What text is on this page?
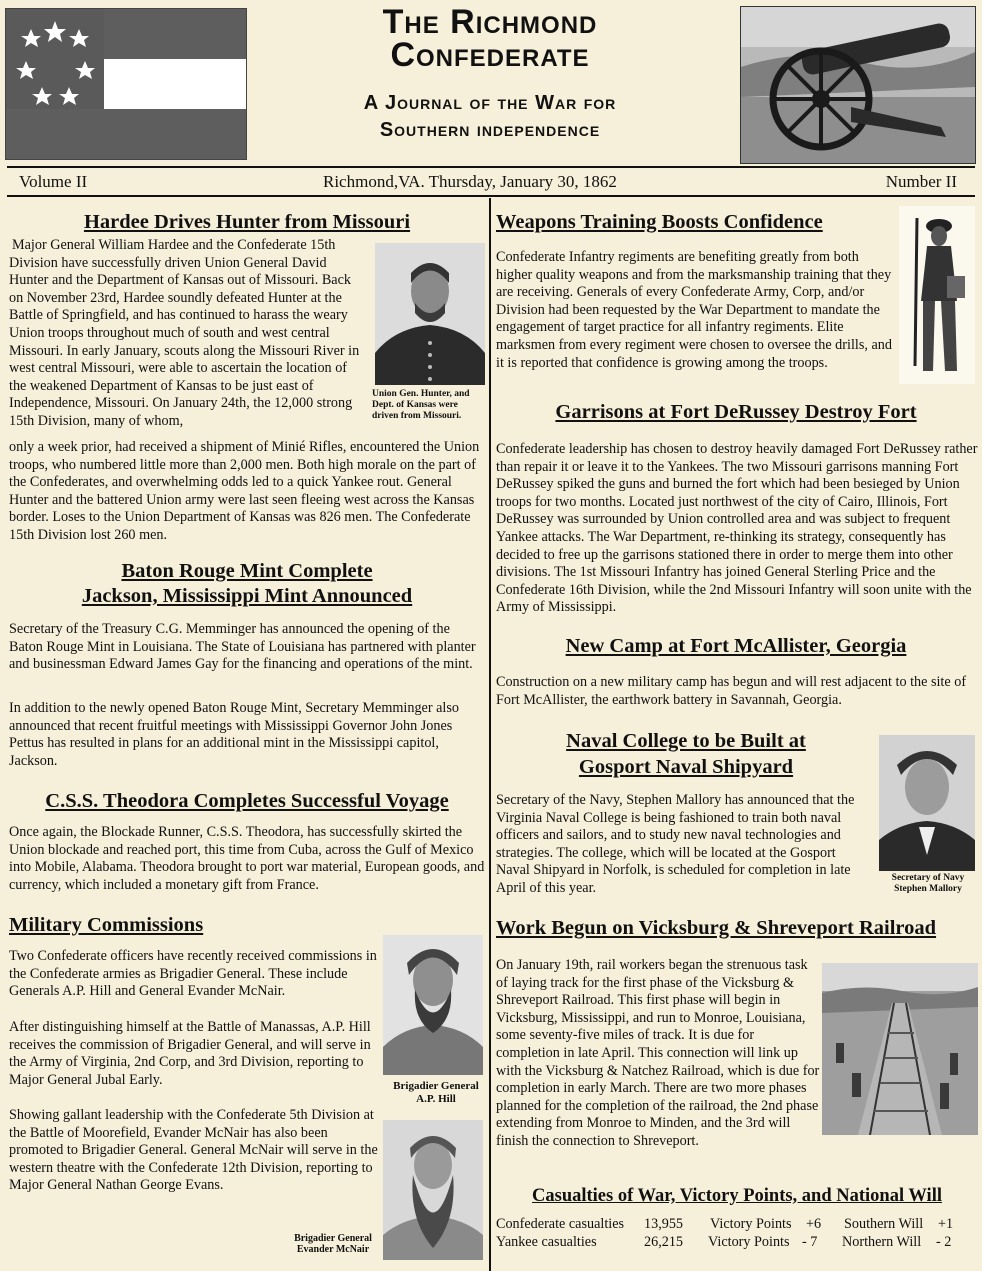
The Richmond
Confederate
A Journal of the War for
Southern independence
Volume II	Richmond,VA. Thursday, January 30, 1862	Number II
Hardee Drives Hunter from Missouri

Major General William Hardee and the Confederate 15th Division have successfully driven Union General David Hunter and the Department of Kansas out of Missouri. Back on November 23rd, Hardee soundly defeated Hunter at the Battle of Springfield, and has continued to harass the weary Union troops throughout much of south and west central Missouri. In early January, scouts along the Missouri River in west central Missouri, were able to ascertain the location of the weakened Department of Kansas to be just east of Independence, Missouri. On January 24th, the 12,000 strong 15th Division, many of whom,

Union Gen. Hunter, and Dept. of Kansas were driven from Missouri.

only a week prior, had received a shipment of Minié Rifles, encountered the Union troops, who numbered little more than 2,000 men. Both high morale on the part of the Confederates, and overwhelming odds led to a quick Yankee rout. General Hunter and the battered Union army were last seen fleeing west across the Kansas border. Loses to the Union Department of Kansas was 826 men. The Confederate 15th Division lost 260 men.

Baton Rouge Mint Complete
Jackson, Mississippi Mint Announced

Secretary of the Treasury C.G. Memminger has announced the opening of the Baton Rouge Mint in Louisiana. The State of Louisiana has partnered with planter and businessman Edward James Gay for the financing and operations of the mint.

In addition to the newly opened Baton Rouge Mint, Secretary Memminger also announced that recent fruitful meetings with Mississippi Governor John Jones Pettus has resulted in plans for an additional mint in the Mississippi capitol, Jackson.

C.S.S. Theodora Completes Successful Voyage

Once again, the Blockade Runner, C.S.S. Theodora, has successfully skirted the Union blockade and reached port, this time from Cuba, across the Gulf of Mexico into Mobile, Alabama. Theodora brought to port war material, European goods, and currency, which included a monetary gift from France.

Military Commissions

Two Confederate officers have recently received commissions in the Confederate armies as Brigadier General. These include Generals A.P. Hill and General Evander McNair.

After distinguishing himself at the Battle of Manassas, A.P. Hill receives the commission of Brigadier General, and will serve in the Army of Virginia, 2nd Corp, and 3rd Division, reporting to Major General Jubal Early.

Showing gallant leadership with the Confederate 5th Division at the Battle of Moorefield, Evander McNair has also been promoted to Brigadier General. General McNair will serve in the western theatre with the Confederate 12th Division, reporting to Major General Nathan George Evans.

Brigadier General
A.P. Hill
Brigadier General
Evander McNair
Weapons Training Boosts Confidence

Confederate Infantry regiments are benefiting greatly from both higher quality weapons and from the marksmanship training that they are receiving. Generals of every Confederate Army, Corp, and/or Division had been requested by the War Department to mandate the engagement of target practice for all infantry regiments. Elite marksmen from every regiment were chosen to oversee the drills, and it is reported that confidence is growing among the troops.

Garrisons at Fort DeRussey Destroy Fort

Confederate leadership has chosen to destroy heavily damaged Fort DeRussey rather than repair it or leave it to the Yankees. The two Missouri garrisons manning Fort DeRussey spiked the guns and burned the fort which had been besieged by Union troops for two months. Located just northwest of the city of Cairo, Illinois, Fort DeRussey was surrounded by Union controlled area and was subject to frequent Yankee attacks. The War Department, re-thinking its strategy, consequently has decided to free up the garrisons stationed there in order to merge them into other divisions. The 1st Missouri Infantry has joined General Sterling Price and the Confederate 16th Division, while the 2nd Missouri Infantry will soon unite with the Army of Mississippi.

New Camp at Fort McAllister, Georgia

Construction on a new military camp has begun and will rest adjacent to the site of Fort McAllister, the earthwork battery in Savannah, Georgia.

Naval College to be Built at
Gosport Naval Shipyard

Secretary of the Navy, Stephen Mallory has announced that the Virginia Naval College is being fashioned to train both naval officers and sailors, and to study new naval technologies and strategies. The college, which will be located at the Gosport Naval Shipyard in Norfolk, is scheduled for completion in late April of this year.

Secretary of Navy
Stephen Mallory
Work Begun on Vicksburg & Shreveport Railroad

On January 19th, rail workers began the strenuous task of laying track for the first phase of the Vicksburg & Shreveport Railroad. This first phase will begin in Vicksburg, Mississippi, and run to Monroe, Louisiana, some seventy-five miles of track. It is due for completion in late April. This connection will link up with the Vicksburg & Natchez Railroad, which is due for completion in early March. There are two more phases planned for the completion of the railroad, the 2nd phase extending from Monroe to Minden, and the 3rd will finish the connection to Shreveport.

Casualties of War, Victory Points, and National Will
Confederate casualties 13,955 Victory Points +6 Southern Will +1
Yankee casualties	26,215 Victory Points - 7 Northern Will - 2
